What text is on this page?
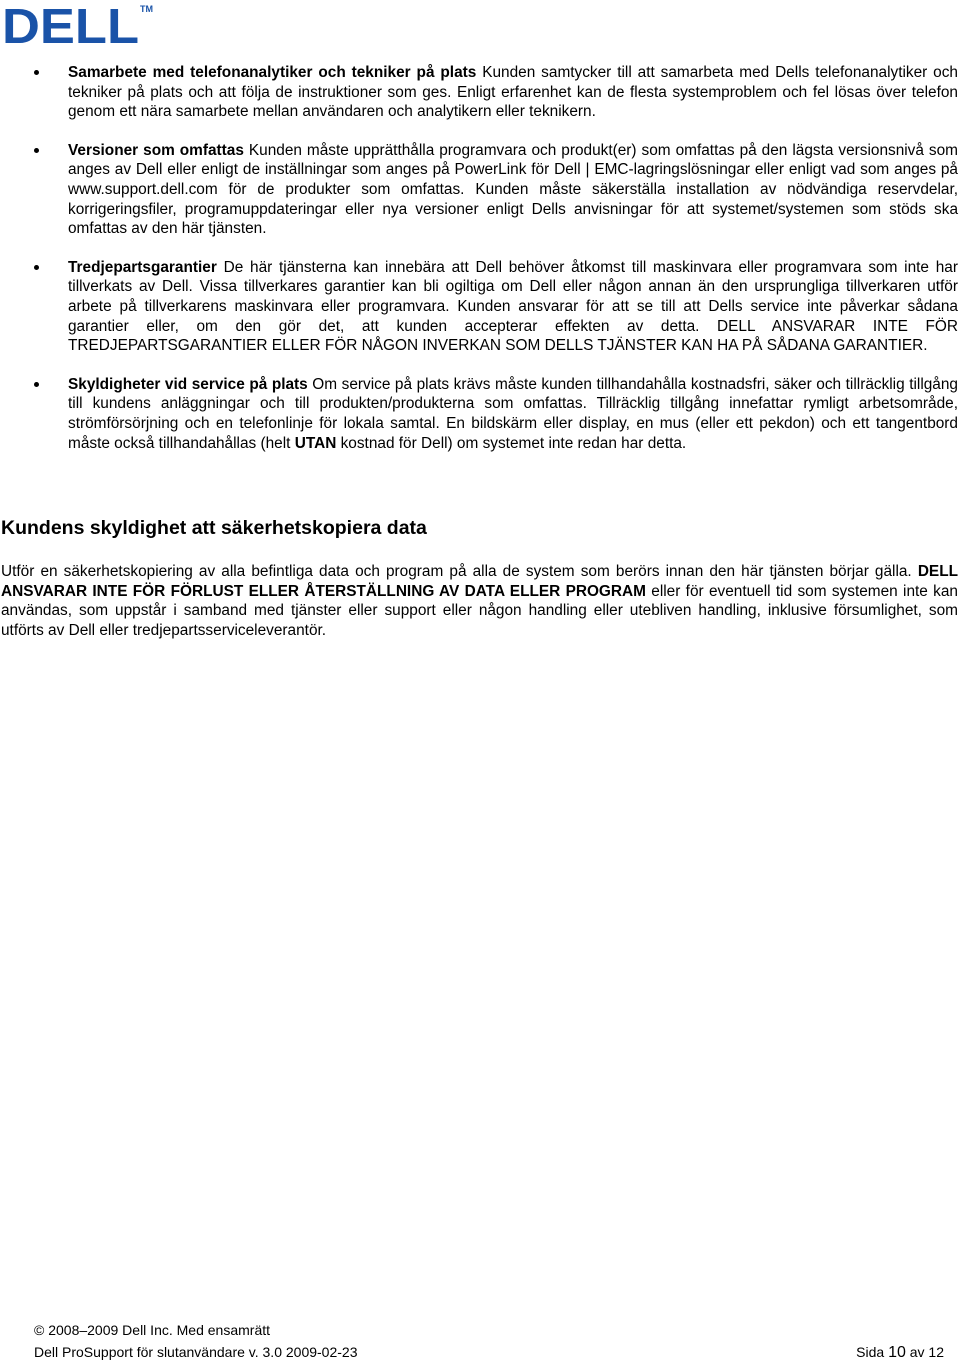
DELL TM
Samarbete med telefonanalytiker och tekniker på plats Kunden samtycker till att samarbeta med Dells telefonanalytiker och tekniker på plats och att följa de instruktioner som ges. Enligt erfarenhet kan de flesta systemproblem och fel lösas över telefon genom ett nära samarbete mellan användaren och analytikern eller teknikern.
Versioner som omfattas Kunden måste upprätthålla programvara och produkt(er) som omfattas på den lägsta versionsnivå som anges av Dell eller enligt de inställningar som anges på PowerLink för Dell | EMC-lagringslösningar eller enligt vad som anges på www.support.dell.com för de produkter som omfattas. Kunden måste säkerställa installation av nödvändiga reservdelar, korrigeringsfiler, programuppdateringar eller nya versioner enligt Dells anvisningar för att systemet/systemen som stöds ska omfattas av den här tjänsten.
Tredjepartsgarantier De här tjänsterna kan innebära att Dell behöver åtkomst till maskinvara eller programvara som inte har tillverkats av Dell. Vissa tillverkares garantier kan bli ogiltiga om Dell eller någon annan än den ursprungliga tillverkaren utför arbete på tillverkarens maskinvara eller programvara. Kunden ansvarar för att se till att Dells service inte påverkar sådana garantier eller, om den gör det, att kunden accepterar effekten av detta. DELL ANSVARAR INTE FÖR TREDJEPARTSGARANTIER ELLER FÖR NÅGON INVERKAN SOM DELLS TJÄNSTER KAN HA PÅ SÅDANA GARANTIER.
Skyldigheter vid service på plats Om service på plats krävs måste kunden tillhandahålla kostnadsfri, säker och tillräcklig tillgång till kundens anläggningar och till produkten/produkterna som omfattas. Tillräcklig tillgång innefattar rymligt arbetsområde, strömförsörjning och en telefonlinje för lokala samtal. En bildskärm eller display, en mus (eller ett pekdon) och ett tangentbord måste också tillhandahållas (helt UTAN kostnad för Dell) om systemet inte redan har detta.
Kundens skyldighet att säkerhetskopiera data

Utför en säkerhetskopiering av alla befintliga data och program på alla de system som berörs innan den här tjänsten börjar gälla. DELL ANSVARAR INTE FÖR FÖRLUST ELLER ÅTERSTÄLLNING AV DATA ELLER PROGRAM eller för eventuell tid som systemen inte kan användas, som uppstår i samband med tjänster eller support eller någon handling eller utebliven handling, inklusive försumlighet, som utförts av Dell eller tredjepartsserviceleverantör.

© 2008–2009 Dell Inc. Med ensamrätt
Dell ProSupport för slutanvändare v. 3.0 2009-02-23	Sida 10 av 12
